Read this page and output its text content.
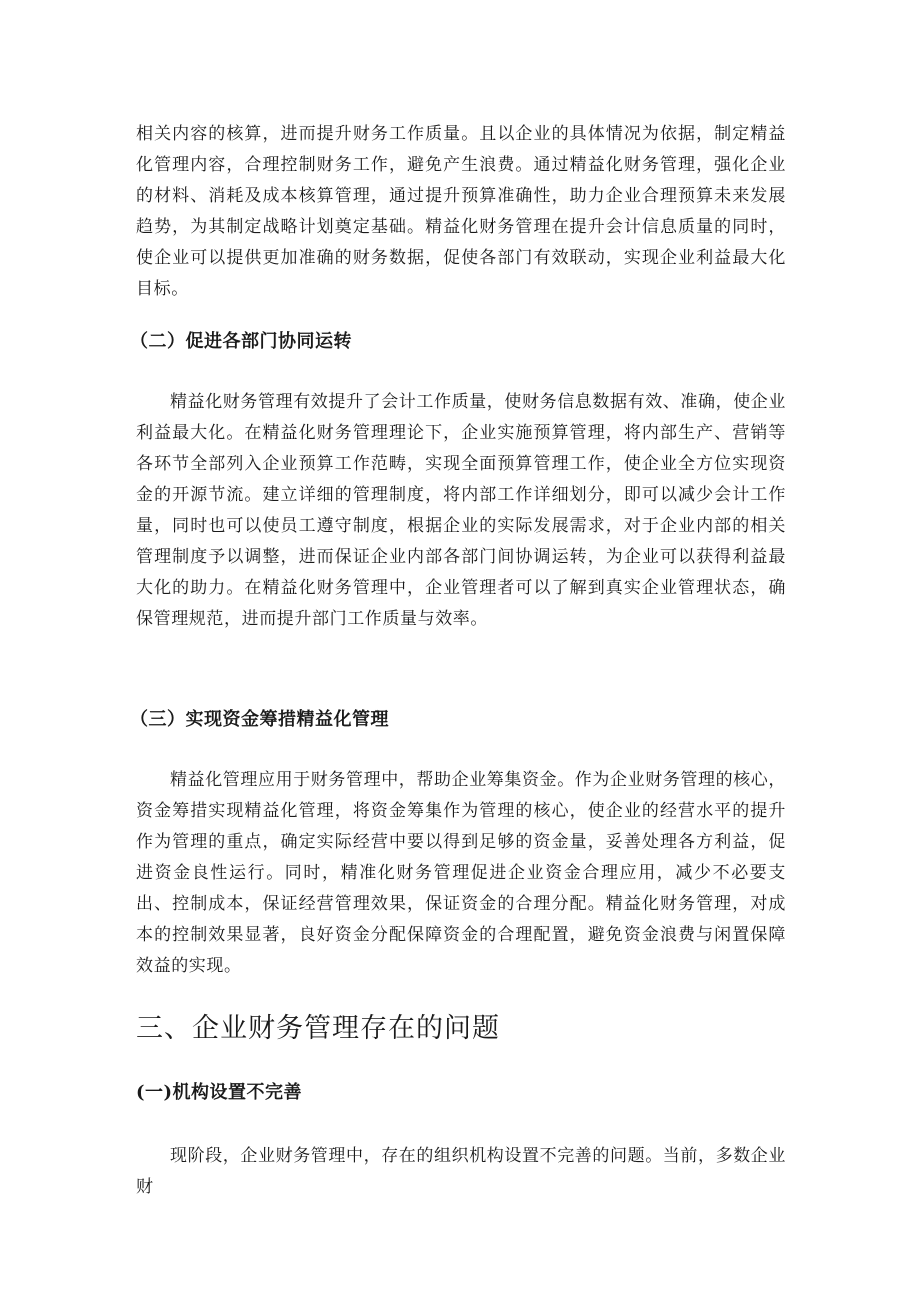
相关内容的核算，进而提升财务工作质量。且以企业的具体情况为依据，制定精益化管理内容，合理控制财务工作，避免产生浪费。通过精益化财务管理，强化企业的材料、消耗及成本核算管理，通过提升预算准确性，助力企业合理预算未来发展趋势，为其制定战略计划奠定基础。精益化财务管理在提升会计信息质量的同时，使企业可以提供更加准确的财务数据，促使各部门有效联动，实现企业利益最大化目标。

（二）促进各部门协同运转

精益化财务管理有效提升了会计工作质量，使财务信息数据有效、准确，使企业利益最大化。在精益化财务管理理论下，企业实施预算管理，将内部生产、营销等各环节全部列入企业预算工作范畴，实现全面预算管理工作，使企业全方位实现资金的开源节流。建立详细的管理制度，将内部工作详细划分，即可以减少会计工作量，同时也可以使员工遵守制度，根据企业的实际发展需求，对于企业内部的相关管理制度予以调整，进而保证企业内部各部门间协调运转，为企业可以获得利益最大化的助力。在精益化财务管理中，企业管理者可以了解到真实企业管理状态，确保管理规范，进而提升部门工作质量与效率。

（三）实现资金筹措精益化管理

精益化管理应用于财务管理中，帮助企业筹集资金。作为企业财务管理的核心，资金筹措实现精益化管理，将资金筹集作为管理的核心，使企业的经营水平的提升作为管理的重点，确定实际经营中要以得到足够的资金量，妥善处理各方利益，促进资金良性运行。同时，精准化财务管理促进企业资金合理应用，减少不必要支出、控制成本，保证经营管理效果，保证资金的合理分配。精益化财务管理，对成本的控制效果显著，良好资金分配保障资金的合理配置，避免资金浪费与闲置保障效益的实现。

三、企业财务管理存在的问题
(一)机构设置不完善

现阶段，企业财务管理中，存在的组织机构设置不完善的问题。当前，多数企业财
